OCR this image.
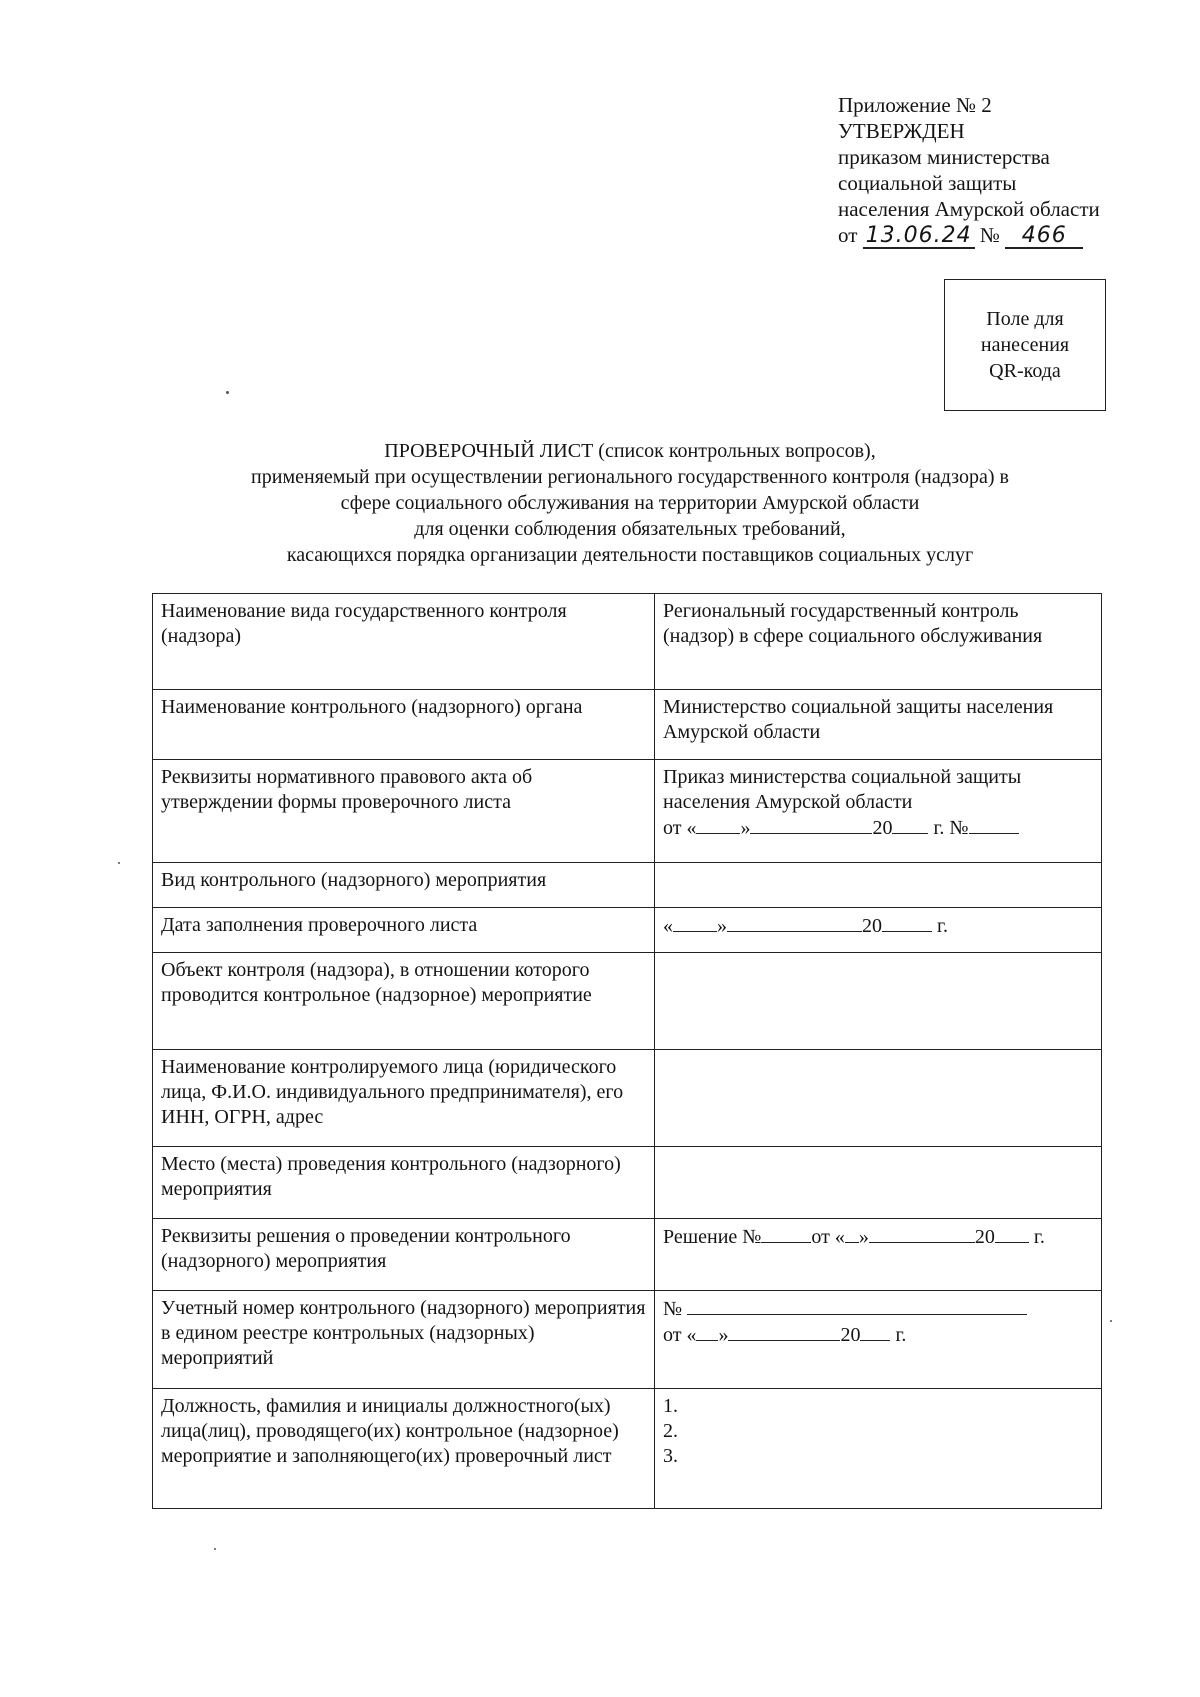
Приложение № 2
УТВЕРЖДЕН
приказом министерства
социальной защиты
населения Амурской области
от 13.06.24 № 466
Поле для
нанесения
QR-кода
ПРОВЕРОЧНЫЙ ЛИСТ (список контрольных вопросов),
применяемый при осуществлении регионального государственного контроля (надзора) в
сфере социального обслуживания на территории Амурской области
для оценки соблюдения обязательных требований,
касающихся порядка организации деятельности поставщиков социальных услуг
Наименование вида государственного контроля (надзора)	Региональный государственный контроль (надзор) в сфере социального обслуживания
Наименование контрольного (надзорного) органа	Министерство социальной защиты населения Амурской области
Реквизиты нормативного правового акта об утверждении формы проверочного листа	Приказ министерства социальной защиты населения Амурской области
от « » 20 г. №
Вид контрольного (надзорного) мероприятия	
Дата заполнения проверочного листа	« » 20 г.
Объект контроля (надзора), в отношении которого проводится контрольное (надзорное) мероприятие	
Наименование контролируемого лица (юридического лица, Ф.И.О. индивидуального предпринимателя), его ИНН, ОГРН, адрес	
Место (места) проведения контрольного (надзорного) мероприятия	
Реквизиты решения о проведении контрольного (надзорного) мероприятия	Решение № от « » 20 г.
Учетный номер контрольного (надзорного) мероприятия в едином реестре контрольных (надзорных) мероприятий	№
от « » 20 г.
Должность, фамилия и инициалы должностного(ых) лица(лиц), проводящего(их) контрольное (надзорное) мероприятие и заполняющего(их) проверочный лист	1.
2.
3.
